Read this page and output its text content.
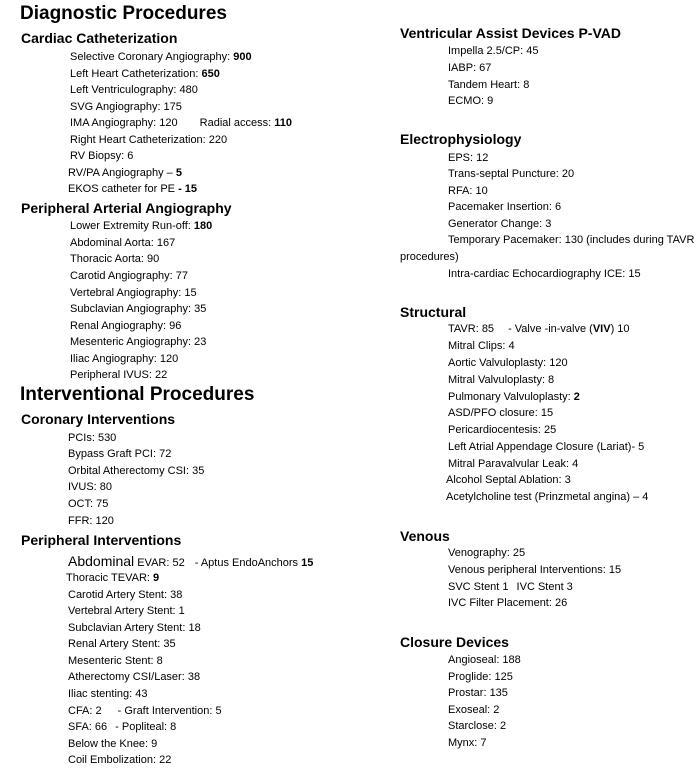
Diagnostic Procedures
Cardiac Catheterization
Selective Coronary Angiography: 900
Left Heart Catheterization: 650
Left Ventriculography: 480
SVG Angiography: 175
IMA Angiography: 120 Radial access: 110
Right Heart Catheterization: 220
RV Biopsy: 6
RV/PA Angiography – 5
EKOS catheter for PE - 15
Peripheral Arterial Angiography
Lower Extremity Run-off: 180
Abdominal Aorta: 167
Thoracic Aorta: 90
Carotid Angiography: 77
Vertebral Angiography: 15
Subclavian Angiography: 35
Renal Angiography: 96
Mesenteric Angiography: 23
Iliac Angiography: 120
Peripheral IVUS: 22
Interventional Procedures
Coronary Interventions
PCIs: 530
Bypass Graft PCI: 72
Orbital Atherectomy CSI: 35
IVUS: 80
OCT: 75
FFR: 120
Peripheral Interventions
Abdominal EVAR: 52 - Aptus EndoAnchors 15
Thoracic TEVAR: 9
Carotid Artery Stent: 38
Vertebral Artery Stent: 1
Subclavian Artery Stent: 18
Renal Artery Stent: 35
Mesenteric Stent: 8
Atherectomy CSI/Laser: 38
Iliac stenting: 43
CFA: 2 - Graft Intervention: 5
SFA: 66 - Popliteal: 8
Below the Knee: 9
Coil Embolization: 22
Ventricular Assist Devices P-VAD
Impella 2.5/CP: 45
IABP: 67
Tandem Heart: 8
ECMO: 9
Electrophysiology
EPS: 12
Trans-septal Puncture: 20
RFA: 10
Pacemaker Insertion: 6
Generator Change: 3
Temporary Pacemaker: 130 (includes during TAVR
procedures)
Intra-cardiac Echocardiography ICE: 15
Structural
TAVR: 85 - Valve -in-valve (VIV) 10
Mitral Clips: 4
Aortic Valvuloplasty: 120
Mitral Valvuloplasty: 8
Pulmonary Valvuloplasty: 2
ASD/PFO closure: 15
Pericardiocentesis: 25
Left Atrial Appendage Closure (Lariat)- 5
Mitral Paravalvular Leak: 4
Alcohol Septal Ablation: 3
Acetylcholine test (Prinzmetal angina) – 4
Venous
Venography: 25
Venous peripheral Interventions: 15
SVC Stent 1 IVC Stent 3
IVC Filter Placement: 26
Closure Devices
Angioseal: 188
Proglide: 125
Prostar: 135
Exoseal: 2
Starclose: 2
Mynx: 7
